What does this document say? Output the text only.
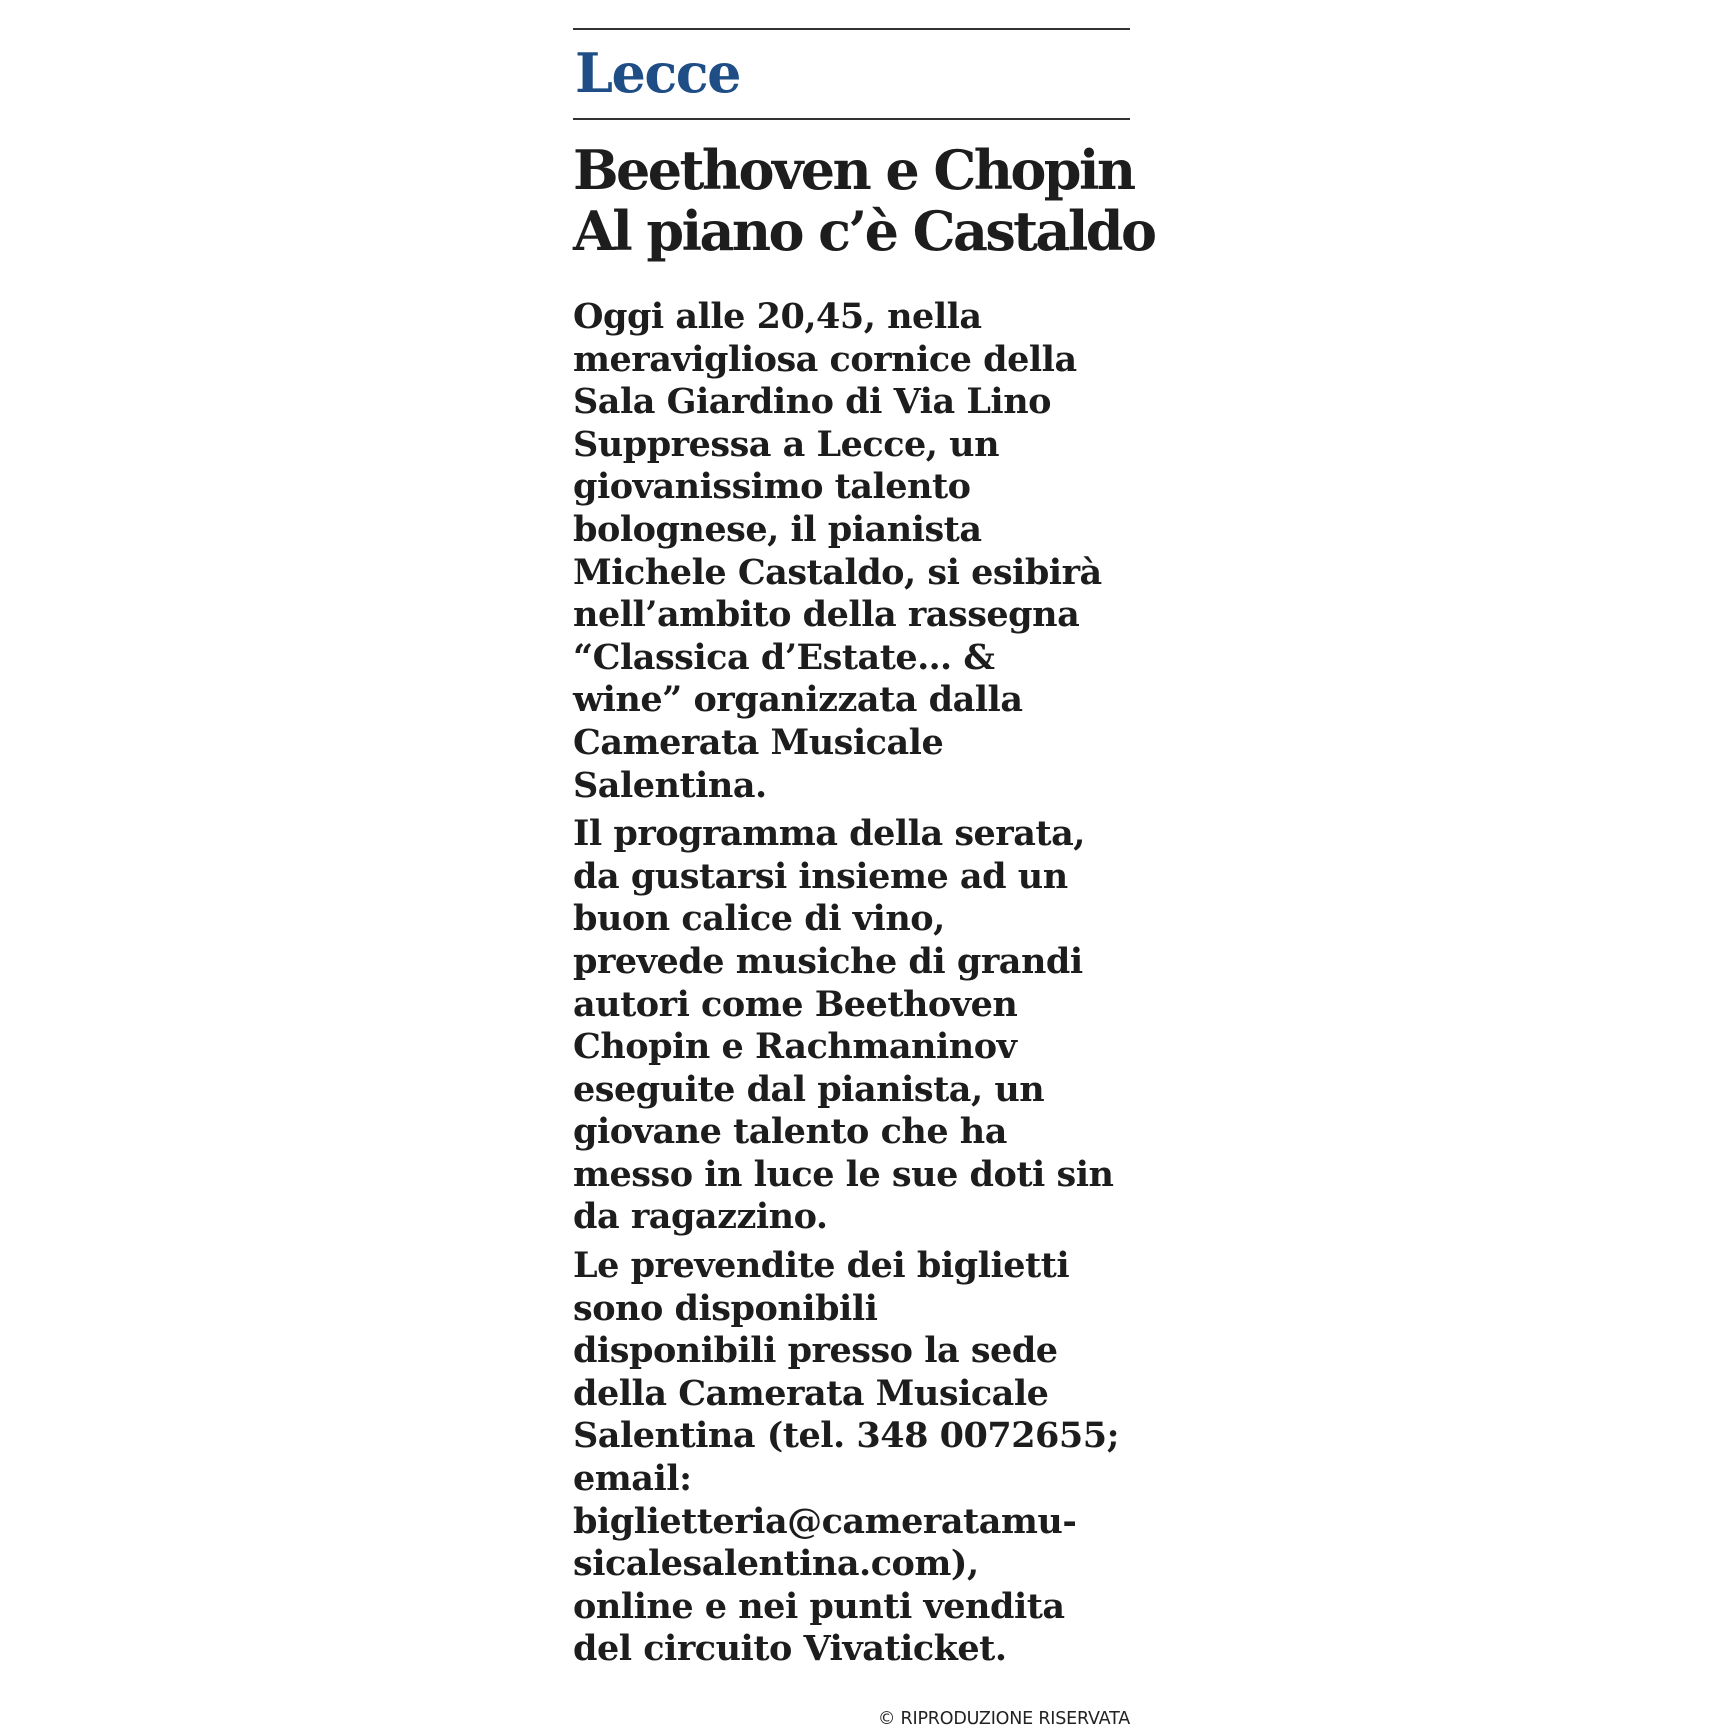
Lecce
Beethoven e Chopin
Al piano c’è Castaldo

Oggi alle 20,45, nella
meravigliosa cornice della
Sala Giardino di Via Lino
Suppressa a Lecce, un
giovanissimo talento
bolognese, il pianista
Michele Castaldo, si esibirà
nell’ambito della rassegna
“Classica d’Estate… &
wine” organizzata dalla
Camerata Musicale
Salentina.

Il programma della serata,
da gustarsi insieme ad un
buon calice di vino,
prevede musiche di grandi
autori come Beethoven
Chopin e Rachmaninov
eseguite dal pianista, un
giovane talento che ha
messo in luce le sue doti sin
da ragazzino.

Le prevendite dei biglietti
sono disponibili
disponibili presso la sede
della Camerata Musicale
Salentina (tel. 348 0072655;
email:
biglietteria@cameratamu-
sicalesalentina.com),
online e nei punti vendita
del circuito Vivaticket.

© RIPRODUZIONE RISERVATA
